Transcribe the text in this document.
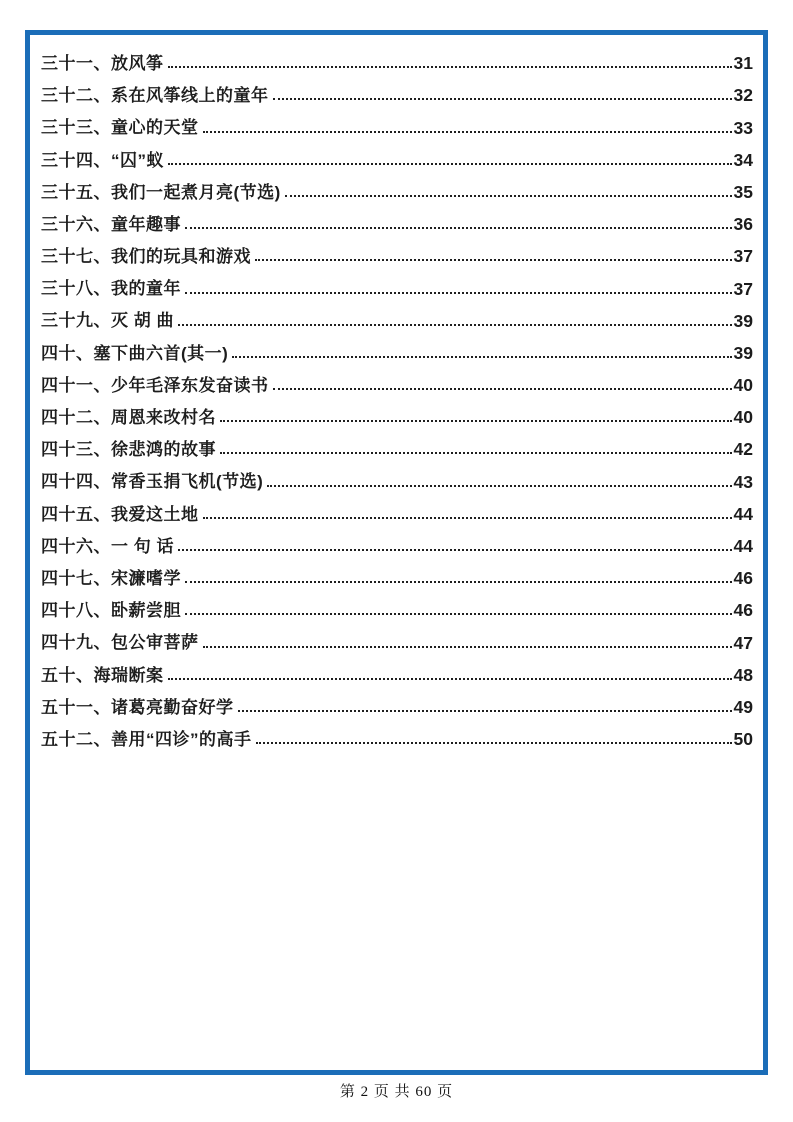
三十一、放风筝	31
三十二、系在风筝线上的童年	32
三十三、童心的天堂	33
三十四、“囚”蚁	34
三十五、我们一起煮月亮(节选)	35
三十六、童年趣事	36
三十七、我们的玩具和游戏	37
三十八、我的童年	37
三十九、灭 胡 曲	39
四十、塞下曲六首(其一)	39
四十一、少年毛泽东发奋读书	40
四十二、周恩来改村名	40
四十三、徐悲鸿的故事	42
四十四、常香玉捐飞机(节选)	43
四十五、我爱这土地	44
四十六、一 句 话	44
四十七、宋濂嗜学	46
四十八、卧薪尝胆	46
四十九、包公审菩萨	47
五十、海瑞断案	48
五十一、诸葛亮勤奋好学	49
五十二、善用“四诊”的高手	50
第 2 页 共 60 页
